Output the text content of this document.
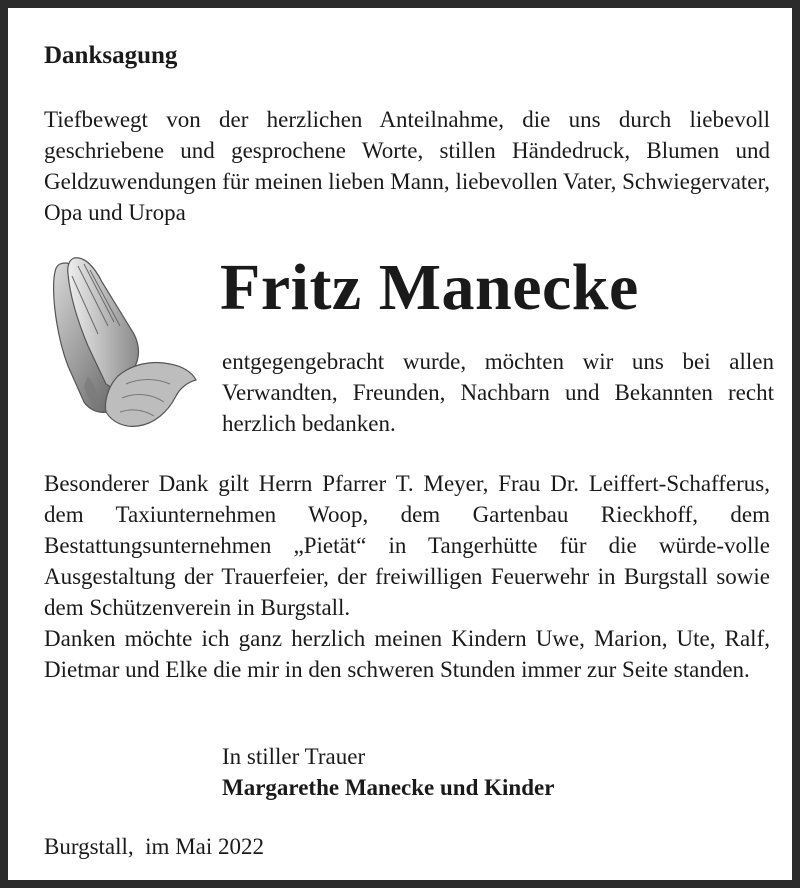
Danksagung

Tiefbewegt von der herzlichen Anteilnahme, die uns durch liebevoll geschriebene und gesprochene Worte, stillen Händedruck, Blumen und Geldzuwendungen für meinen lieben Mann, liebevollen Vater, Schwiegervater, Opa und Uropa

Fritz Manecke

entgegengebracht wurde, möchten wir uns bei allen Verwandten, Freunden, Nachbarn und Bekannten recht herzlich bedanken.

Besonderer Dank gilt Herrn Pfarrer T. Meyer, Frau Dr. Leiffert-Schafferus, dem Taxiunternehmen Woop, dem Gartenbau Rieckhoff, dem Bestattungsunternehmen „Pietät“ in Tangerhütte für die würde-volle Ausgestaltung der Trauerfeier, der freiwilligen Feuerwehr in Burgstall sowie dem Schützenverein in Burgstall.

Danken möchte ich ganz herzlich meinen Kindern Uwe, Marion, Ute, Ralf, Dietmar und Elke die mir in den schweren Stunden immer zur Seite standen.

In stiller Trauer
Margarethe Manecke und Kinder
Burgstall,  im Mai 2022
